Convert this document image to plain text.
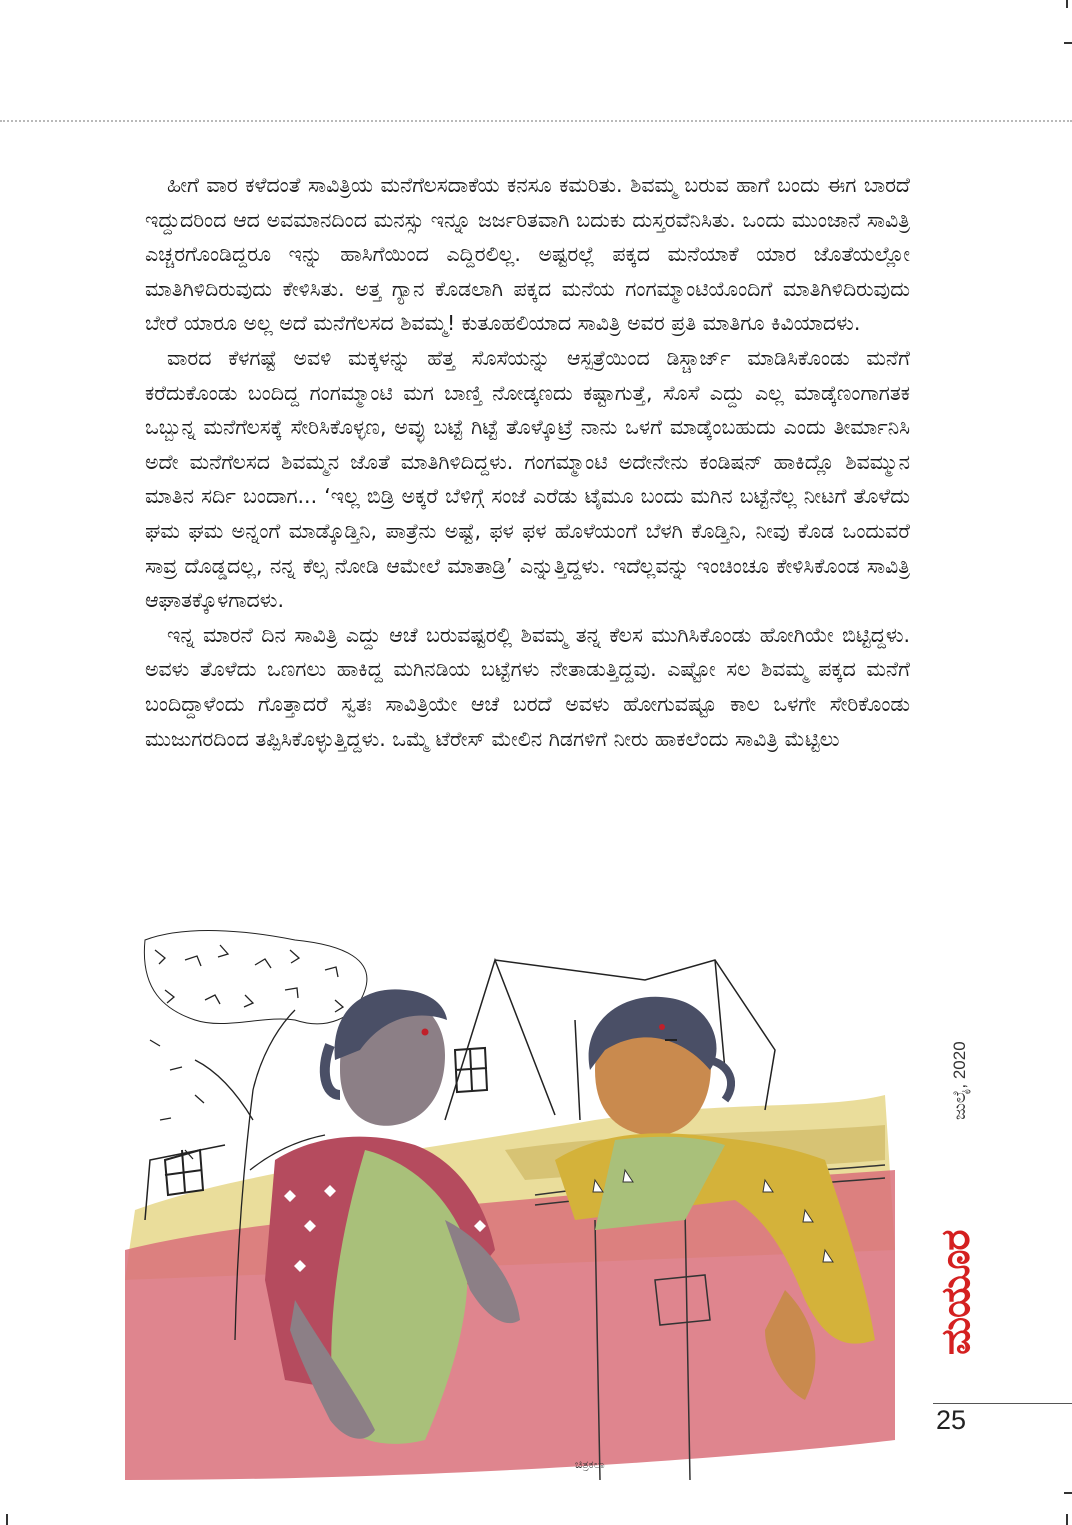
ಹೀಗೆ ವಾರ ಕಳೆದಂತೆ ಸಾವಿತ್ರಿಯ ಮನೆಗೆಲಸದಾಕೆಯ ಕನಸೂ ಕಮರಿತು. ಶಿವಮ್ಮ ಬರುವ ಹಾಗೆ ಬಂದು ಈಗ ಬಾರದೆ ಇದ್ದುದರಿಂದ ಆದ ಅವಮಾನದಿಂದ ಮನಸ್ಸು ಇನ್ನೂ ಜರ್ಜರಿತವಾಗಿ ಬದುಕು ದುಸ್ತರವೆನಿಸಿತು. ಒಂದು ಮುಂಜಾನೆ ಸಾವಿತ್ರಿ ಎಚ್ಚರಗೊಂಡಿದ್ದರೂ ಇನ್ನು ಹಾಸಿಗೆಯಿಂದ ಎದ್ದಿರಲಿಲ್ಲ. ಅಷ್ಟರಲ್ಲೆ ಪಕ್ಕದ ಮನೆಯಾಕೆ ಯಾರ ಜೊತೆಯಲ್ಲೋ ಮಾತಿಗಿಳಿದಿರುವುದು ಕೇಳಿಸಿತು. ಅತ್ತ ಗ್ಯಾನ ಕೊಡಲಾಗಿ ಪಕ್ಕದ ಮನೆಯ ಗಂಗಮ್ಮಾಂಟಿಯೊಂದಿಗೆ ಮಾತಿಗಿಳಿದಿರುವುದು ಬೇರೆ ಯಾರೂ ಅಲ್ಲ ಅದೆ ಮನೆಗೆಲಸದ ಶಿವಮ್ಮ! ಕುತೂಹಲಿಯಾದ ಸಾವಿತ್ರಿ ಅವರ ಪ್ರತಿ ಮಾತಿಗೂ ಕಿವಿಯಾದಳು.

ವಾರದ ಕೆಳಗಷ್ಟೆ ಅವಳಿ ಮಕ್ಕಳನ್ನು ಹೆತ್ತ ಸೊಸೆಯನ್ನು ಆಸ್ಪತ್ರೆಯಿಂದ ಡಿಸ್ಚಾರ್ಜ್ ಮಾಡಿಸಿಕೊಂಡು ಮನೆಗೆ ಕರೆದುಕೊಂಡು ಬಂದಿದ್ದ ಗಂಗಮ್ಮಾಂಟಿ ಮಗ ಬಾಣ್ತಿ ನೋಡ್ಕಣದು ಕಷ್ಟಾಗುತ್ತೆ, ಸೊಸೆ ಎದ್ದು ಎಲ್ಲ ಮಾಡ್ಕೆಣಂಗಾಗತಕ ಒಬ್ಬುನ್ನ ಮನೆಗೆಲಸಕ್ಕೆ ಸೇರಿಸಿಕೊಳ್ಳಣ, ಅವ್ಳು ಬಟ್ಟೆ ಗಿಟ್ಟೆ ತೊಳ್ಕೊಟ್ರೆ ನಾನು ಒಳಗೆ ಮಾಡ್ಕೆಂಬಹುದು ಎಂದು ತೀರ್ಮಾನಿಸಿ ಅದೇ ಮನೆಗೆಲಸದ ಶಿವಮ್ಮನ ಜೊತೆ ಮಾತಿಗಿಳಿದಿದ್ದಳು. ಗಂಗಮ್ಮಾಂಟಿ ಅದೇನೇನು ಕಂಡಿಷನ್ ಹಾಕಿದ್ಲೊ ಶಿವಮ್ಮುನ ಮಾತಿನ ಸರ್ದಿ ಬಂದಾಗ... ‘ಇಲ್ಲ ಬಿಡ್ರಿ ಅಕ್ಕರೆ ಬೆಳಿಗ್ಗೆ ಸಂಜೆ ಎರೆಡು ಟೈಮೂ ಬಂದು ಮಗಿನ ಬಟ್ಟೆನೆಲ್ಲ ನೀಟಗೆ ತೊಳೆದು ಘಮ ಘಮ ಅನ್ನಂಗೆ ಮಾಡ್ಕೊಡ್ತಿನಿ, ಪಾತ್ರೆನು ಅಷ್ಟೆ, ಫಳ ಫಳ ಹೊಳೆಯಂಗೆ ಬೆಳಗಿ ಕೊಡ್ತಿನಿ, ನೀವು ಕೊಡ ಒಂದುವರೆ ಸಾವ್ರ ದೊಡ್ಡದಲ್ಲ, ನನ್ನ ಕೆಲ್ಸ ನೋಡಿ ಆಮೇಲೆ ಮಾತಾಡ್ರಿ’ ಎನ್ನುತ್ತಿದ್ದಳು. ಇದೆಲ್ಲವನ್ನು ಇಂಚಿಂಚೂ ಕೇಳಿಸಿಕೊಂಡ ಸಾವಿತ್ರಿ ಆಘಾತಕ್ಕೊಳಗಾದಳು.

ಇನ್ನ ಮಾರನೆ ದಿನ ಸಾವಿತ್ರಿ ಎದ್ದು ಆಚೆ ಬರುವಷ್ಟರಲ್ಲಿ ಶಿವಮ್ಮ ತನ್ನ ಕೆಲಸ ಮುಗಿಸಿಕೊಂಡು ಹೋಗಿಯೇ ಬಿಟ್ಟಿದ್ದಳು. ಅವಳು ತೊಳೆದು ಒಣಗಲು ಹಾಕಿದ್ದ ಮಗಿನಡಿಯ ಬಟ್ಟೆಗಳು ನೇತಾಡುತ್ತಿದ್ದವು. ಎಷ್ಟೋ ಸಲ ಶಿವಮ್ಮ ಪಕ್ಕದ ಮನೆಗೆ ಬಂದಿದ್ದಾಳೆಂದು ಗೊತ್ತಾದರೆ ಸ್ವತಃ ಸಾವಿತ್ರಿಯೇ ಆಚೆ ಬರದೆ ಅವಳು ಹೋಗುವಷ್ಟೂ ಕಾಲ ಒಳಗೇ ಸೇರಿಕೊಂಡು ಮುಜುಗರದಿಂದ ತಪ್ಪಿಸಿಕೊಳ್ಳುತ್ತಿದ್ದಳು. ಒಮ್ಮೆ ಟೆರೇಸ್ ಮೇಲಿನ ಗಿಡಗಳಿಗೆ ನೀರು ಹಾಕಲೆಂದು ಸಾವಿತ್ರಿ ಮೆಟ್ಟಿಲು

ಚಿತ್ರಕಲಾ
ಜುಲೈ, 2020
ಮಯೂರ
25
